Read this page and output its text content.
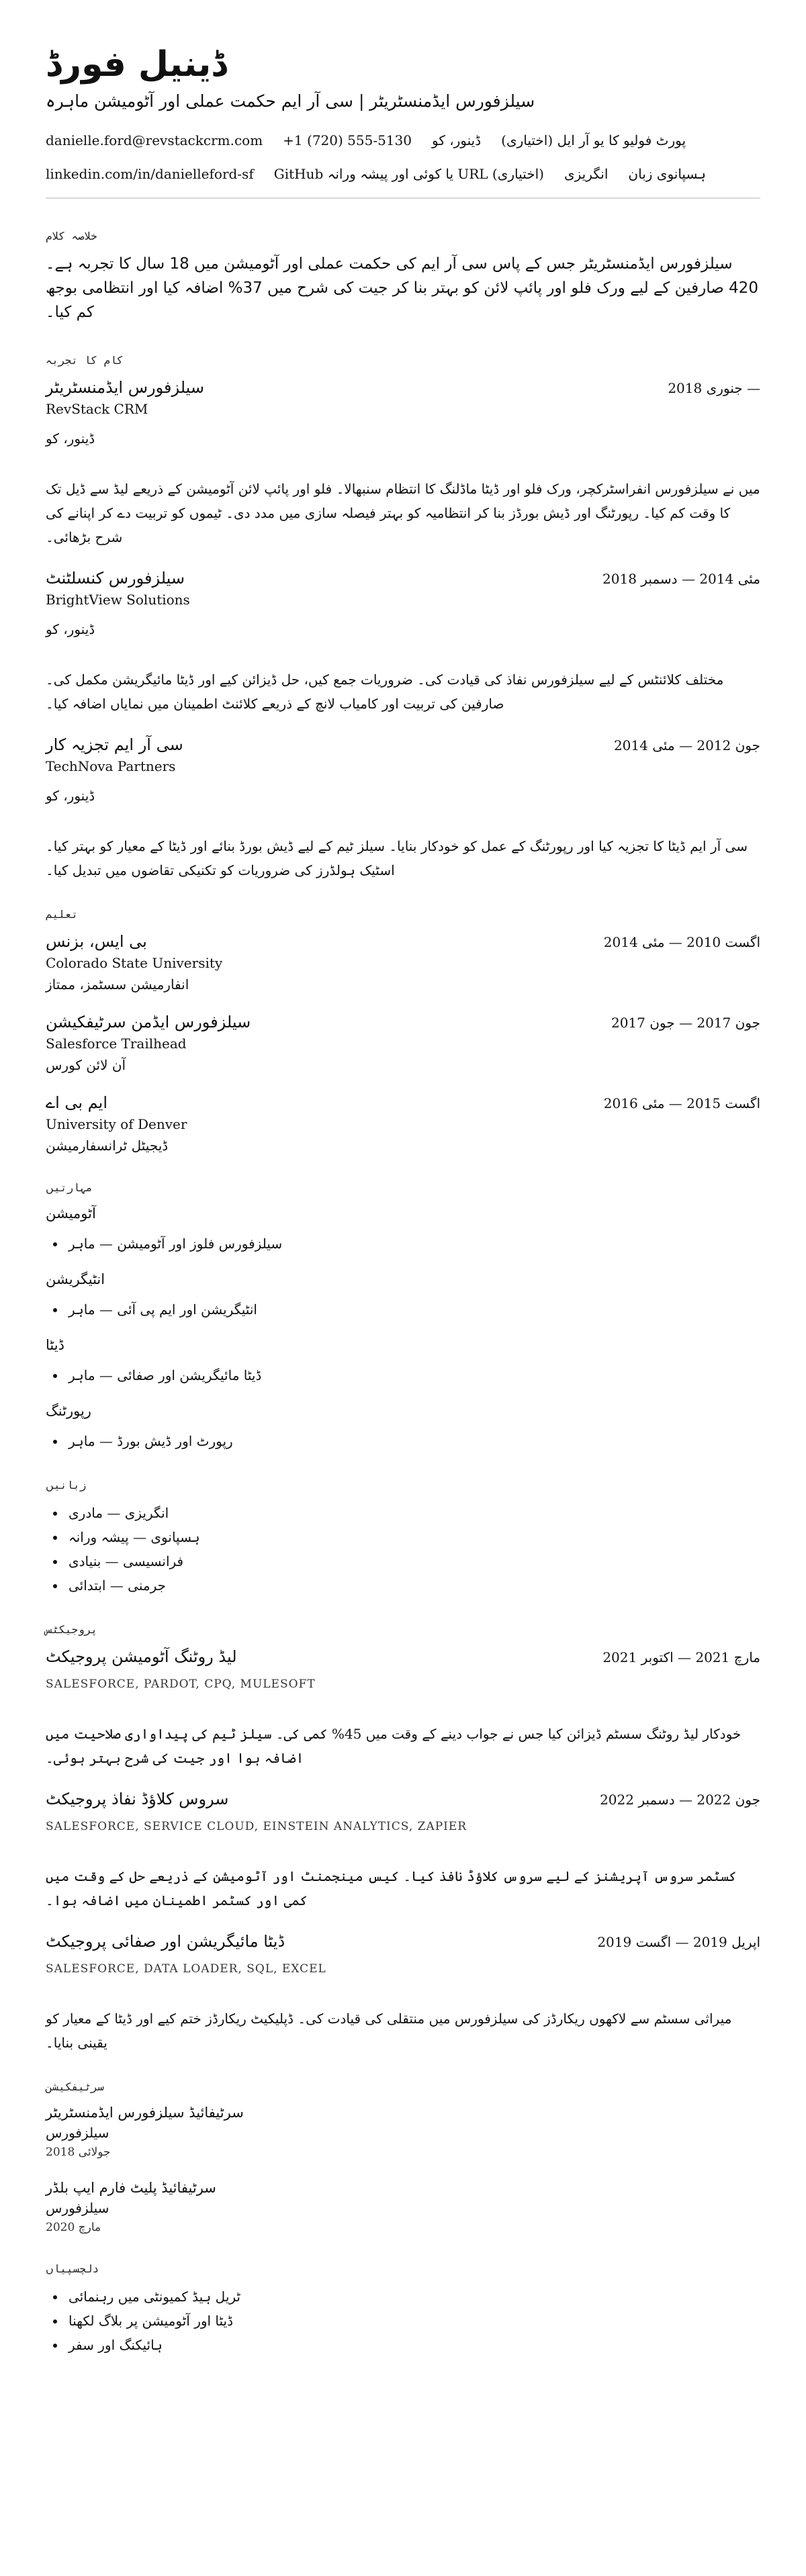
ڈینیل فورڈ
سیلزفورس ایڈمنسٹریٹر | سی آر ایم حکمت عملی اور آٹومیشن ماہرہ
danielle.ford@revstackcrm.com +1 (720) 555-5130 ڈینور، کو پورٹ فولیو کا یو آر ایل (اختیاری)
linkedin.com/in/danielleford-sf GitHub یا کوئی اور پیشہ ورانہ URL (اختیاری) انگریزی ہسپانوی زبان
خلاصہ کلام
سیلزفورس ایڈمنسٹریٹر جس کے پاس سی آر ایم کی حکمت عملی اور آٹومیشن میں 18 سال کا تجربہ ہے۔ 420 صارفین کے لیے ورک فلو اور پائپ لائن کو بہتر بنا کر جیت کی شرح میں 37% اضافہ کیا اور انتظامی بوجھ کم کیا۔
کام کا تجربہ
سیلزفورس ایڈمنسٹریٹر	جنوری 2018 —
RevStack CRM
ڈینور، کو
میں نے سیلزفورس انفراسٹرکچر، ورک فلو اور ڈیٹا ماڈلنگ کا انتظام سنبھالا۔ فلو اور پائپ لائن آٹومیشن کے ذریعے لیڈ سے ڈیل تک کا وقت کم کیا۔ رپورٹنگ اور ڈیش بورڈز بنا کر انتظامیہ کو بہتر فیصلہ سازی میں مدد دی۔ ٹیموں کو تربیت دے کر اپنانے کی شرح بڑھائی۔
سیلزفورس کنسلٹنٹ	مئی 2014 — دسمبر 2018
BrightView Solutions
ڈینور، کو
مختلف کلائنٹس کے لیے سیلزفورس نفاذ کی قیادت کی۔ ضروریات جمع کیں، حل ڈیزائن کیے اور ڈیٹا مائیگریشن مکمل کی۔ صارفین کی تربیت اور کامیاب لانچ کے ذریعے کلائنٹ اطمینان میں نمایاں اضافہ کیا۔
سی آر ایم تجزیہ کار	جون 2012 — مئی 2014
TechNova Partners
ڈینور، کو
سی آر ایم ڈیٹا کا تجزیہ کیا اور رپورٹنگ کے عمل کو خودکار بنایا۔ سیلز ٹیم کے لیے ڈیش بورڈ بنائے اور ڈیٹا کے معیار کو بہتر کیا۔ اسٹیک ہولڈرز کی ضروریات کو تکنیکی تقاضوں میں تبدیل کیا۔
تعلیم
بی ایس، بزنس	اگست 2010 — مئی 2014
Colorado State University
انفارمیشن سسٹمز، ممتاز
سیلزفورس ایڈمن سرٹیفکیشن	جون 2017 — جون 2017
Salesforce Trailhead
آن لائن کورس
ایم بی اے	اگست 2015 — مئی 2016
University of Denver
ڈیجیٹل ٹرانسفارمیشن
مہارتیں
آٹومیشن
• سیلزفورس فلوز اور آٹومیشن — ماہر
انٹیگریشن
• انٹیگریشن اور ایم پی آئی — ماہر
ڈیٹا
• ڈیٹا مائیگریشن اور صفائی — ماہر
رپورٹنگ
• رپورٹ اور ڈیش بورڈ — ماہر
زبانیں
• انگریزی — مادری
• ہسپانوی — پیشہ ورانہ
• فرانسیسی — بنیادی
• جرمنی — ابتدائی
پروجیکٹس
لیڈ روٹنگ آٹومیشن پروجیکٹ	مارچ 2021 — اکتوبر 2021
SALESFORCE, PARDOT, CPQ, MULESOFT
خودکار لیڈ روٹنگ سسٹم ڈیزائن کیا جس نے جواب دینے کے وقت میں 45% کمی کی۔ سیلز ٹیم کی پیداواری صلاحیت میں اضافہ ہوا اور جیت کی شرح بہتر ہوئی۔
سروس کلاؤڈ نفاذ پروجیکٹ	جون 2022 — دسمبر 2022
SALESFORCE, SERVICE CLOUD, EINSTEIN ANALYTICS, ZAPIER
کسٹمر سروس آپریشنز کے لیے سروس کلاؤڈ نافذ کیا۔ کیس مینجمنٹ اور آٹومیشن کے ذریعے حل کے وقت میں کمی اور کسٹمر اطمینان میں اضافہ ہوا۔
ڈیٹا مائیگریشن اور صفائی پروجیکٹ	اپریل 2019 — اگست 2019
SALESFORCE, DATA LOADER, SQL, EXCEL
میراثی سسٹم سے لاکھوں ریکارڈز کی سیلزفورس میں منتقلی کی قیادت کی۔ ڈپلیکیٹ ریکارڈز ختم کیے اور ڈیٹا کے معیار کو یقینی بنایا۔
سرٹیفکیشن
سرٹیفائیڈ سیلزفورس ایڈمنسٹریٹر
سیلزفورس
جولائی 2018
سرٹیفائیڈ پلیٹ فارم ایپ بلڈر
سیلزفورس
مارچ 2020
دلچسپیاں
• ٹریل ہیڈ کمیونٹی میں رہنمائی
• ڈیٹا اور آٹومیشن پر بلاگ لکھنا
• ہائیکنگ اور سفر
